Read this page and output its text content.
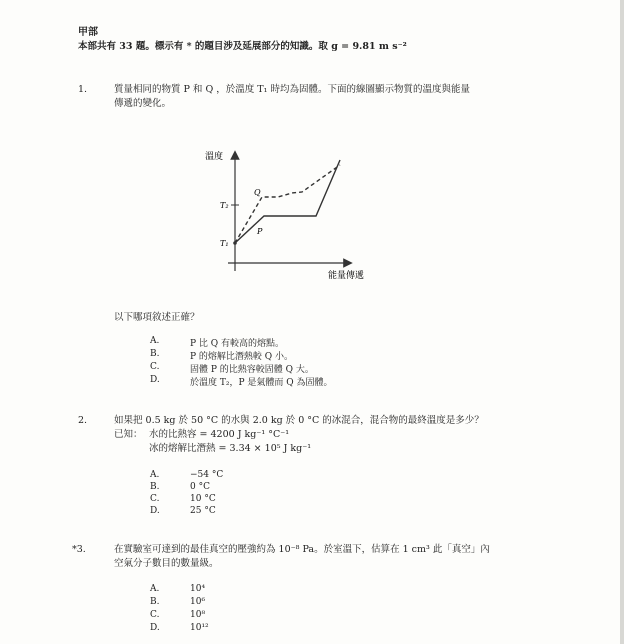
甲部
本部共有 33 題。標示有 * 的題目涉及延展部分的知識。取 g = 9.81 m s⁻²
1.	質量相同的物質 P 和 Q ，於溫度 T₁ 時均為固體。下面的線圖顯示物質的溫度與能量
傳遞的變化。
溫度
能量傳遞
T₂
T₁
Q
P
以下哪項敘述正確？
A.	P 比 Q 有較高的熔點。
B.	P 的熔解比潛熱較 Q 小。
C.	固體 P 的比熱容較固體 Q 大。
D.	於溫度 T₂，P 是氣體而 Q 為固體。
2.	如果把 0.5 kg 於 50 °C 的水與 2.0 kg 於 0 °C 的冰混合，混合物的最終溫度是多少？
已知： 水的比熱容 = 4200 J kg⁻¹ °C⁻¹
冰的熔解比潛熱 = 3.34 × 10⁵ J kg⁻¹
A.	−54 °C
B.	0 °C
C.	10 °C
D.	25 °C
*3.	在實驗室可達到的最佳真空的壓強約為 10⁻⁸ Pa。於室溫下，估算在 1 cm³ 此「真空」內
空氣分子數目的數量級。
A.	10⁴
B.	10⁶
C.	10⁸
D.	10¹²
